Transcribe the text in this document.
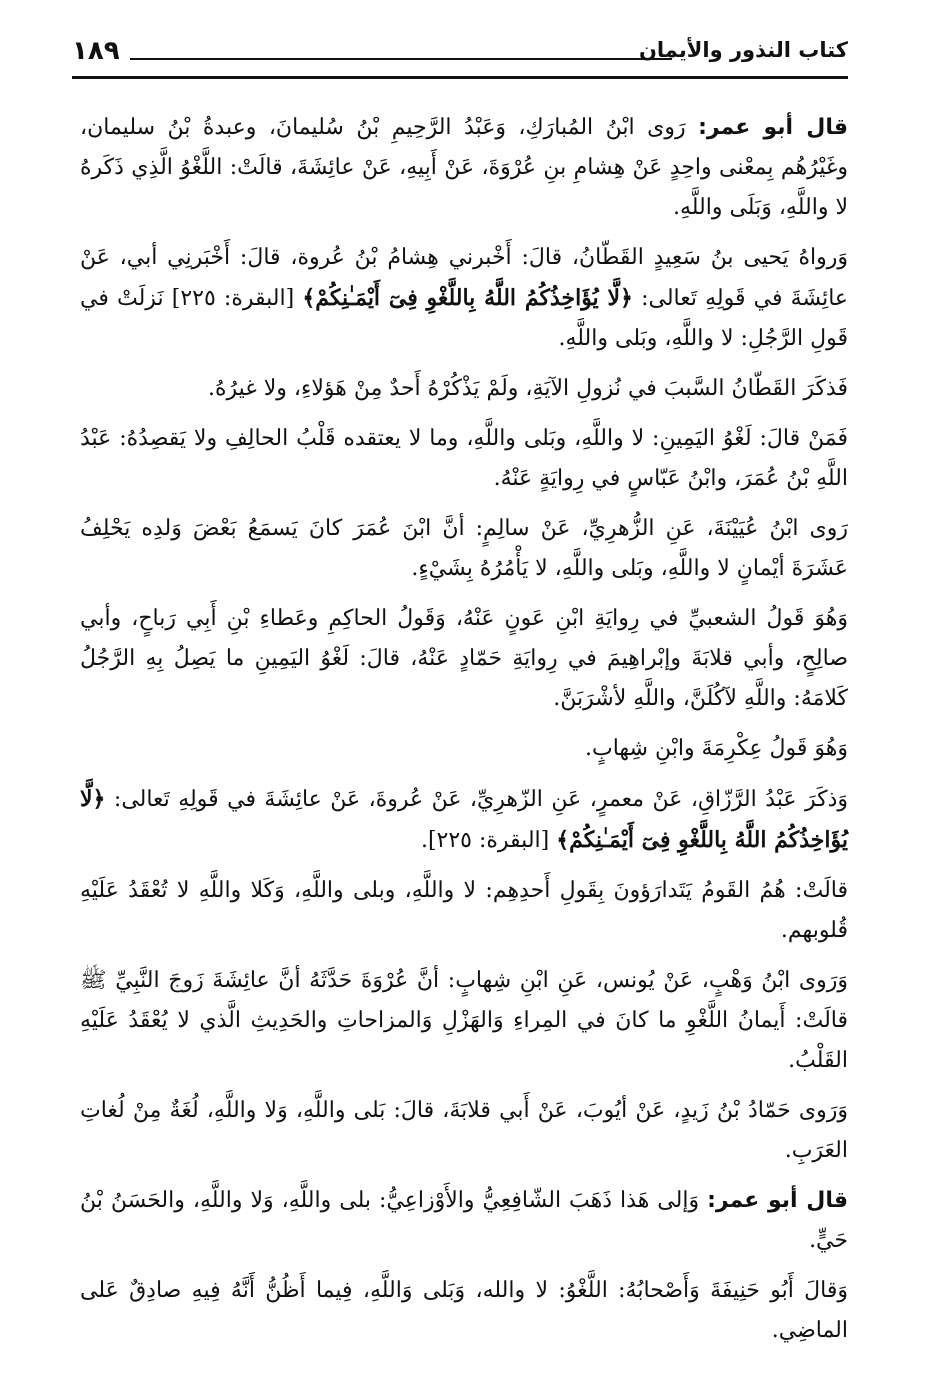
كتاب النذور والأيمان
١٨٩

قال أبو عمر: رَوى ابْنُ المُبارَكِ، وَعَبْدُ الرَّحِيمِ بْنُ سُليمانَ، وعبدةُ بْنُ سليمان، وغَيْرُهُم بِمعْنى واحِدٍ عَنْ هِشامِ بنِ عُرْوَةَ، عَنْ أَبِيهِ، عَنْ عائِشَةَ، قالَتْ: اللَّغْوُ الَّذِي ذَكَرهُ لا واللَّهِ، وَبَلَى واللَّهِ.

وَرواهُ يَحيى بنُ سَعِيدٍ القَطّانُ، قالَ: أَخْبرني هِشامُ بْنُ عُروة، قالَ: أَخْبَرنِي أبي، عَنْ عائِشَةَ في قَولِهِ تَعالى: ﴿لَّا يُؤَاخِذُكُمُ اللَّهُ بِاللَّغْوِ فِىٓ أَيْمَـٰنِكُمْ﴾ [البقرة: ٢٢٥] نَزلَتْ في قَولِ الرَّجُلِ: لا واللَّهِ، وبَلى واللَّهِ.

فَذكَرَ القَطّانُ السَّببَ في نُزولِ الآيَةِ، ولَمْ يَذْكُرْهُ أَحدٌ مِنْ هَؤلاءِ، ولا غيرُهُ.

فَمَنْ قالَ: لَغْوُ اليَمِينِ: لا واللَّهِ، وبَلى واللَّهِ، وما لا يعتقده قَلْبُ الحالِفِ ولا يَقصِدُهُ: عَبْدُ اللَّهِ بْنُ عُمَرَ، وابْنُ عَبّاسٍ في رِوايَةٍ عَنْهُ.

رَوى ابْنُ عُيَيْنَةَ، عَنِ الزُّهرِيِّ، عَنْ سالِمٍ: أنَّ ابْنَ عُمَرَ كانَ يَسمَعُ بَعْضَ وَلدِه يَحْلِفُ عَشَرَةَ أيْمانٍ لا واللَّهِ، وبَلى واللَّهِ، لا يَأْمُرُهُ بِشَيْءٍ.

وَهُوَ قَولُ الشعبيِّ في رِوايَةِ ابْنِ عَونٍ عَنْهُ، وَقَولُ الحاكِمِ وعَطاءِ بْنِ أَبِي رَباحٍ، وأبي صالِحٍ، وأبي قلابَةَ وإبْراهِيمَ في رِوايَةِ حَمّادٍ عَنْهُ، قالَ: لَغْوُ اليَمِينِ ما يَصِلُ بِهِ الرَّجُلُ كَلامَهُ: واللَّهِ لآكُلَنَّ، واللَّهِ لأشْرَبَنَّ.

وَهُوَ قَولُ عِكْرِمَةَ وابْنِ شِهابٍ.

وَذكَرَ عَبْدُ الرَّزّاقِ، عَنْ معمرٍ، عَنِ الزّهرِيِّ، عَنْ عُروةَ، عَنْ عائِشَةَ في قَولِهِ تَعالى: ﴿لَّا يُؤَاخِذُكُمُ اللَّهُ بِاللَّغْوِ فِىٓ أَيْمَـٰنِكُمْ﴾ [البقرة: ٢٢٥].

قالَتْ: هُمُ القَومُ يَتَدارَؤونَ بِقَولِ أَحدِهِم: لا واللَّهِ، وبلى واللَّهِ، وَكَلا واللَّهِ لا تُعْقَدُ عَلَيْهِ قُلوبهم.

وَرَوى ابْنُ وَهْبٍ، عَنْ يُونس، عَنِ ابْنِ شِهابٍ: أنَّ عُرْوَةَ حَدَّثَهُ أنَّ عائِشَةَ زَوجَ النَّبِيِّ ﷺ قالَتْ: أَيمانُ اللَّغْوِ ما كانَ في المِراءِ وَالهَزْلِ وَالمزاحاتِ والحَدِيثِ الَّذي لا يُعْقَدُ عَلَيْهِ القَلْبُ.

وَرَوى حَمّادُ بْنُ زَيدٍ، عَنْ أيُوبَ، عَنْ أَبي قلابَةَ، قالَ: بَلى واللَّهِ، وَلا واللَّهِ، لُغَةٌ مِنْ لُغاتِ العَرَبِ.

قال أبو عمر: وَإلى هَذا ذَهَبَ الشّافِعِيُّ والأَوْزاعِيُّ: بلى واللَّهِ، وَلا واللَّهِ، والحَسَنُ بْنُ حَيٍّ.

وَقالَ أَبُو حَنِيفَةَ وَأَصْحابُهُ: اللَّغْوُ: لا والله، وَبَلى وَاللَّهِ، فِيما أَظُنُّ أَنَّهُ فِيهِ صادِقٌ عَلى الماضِي.
